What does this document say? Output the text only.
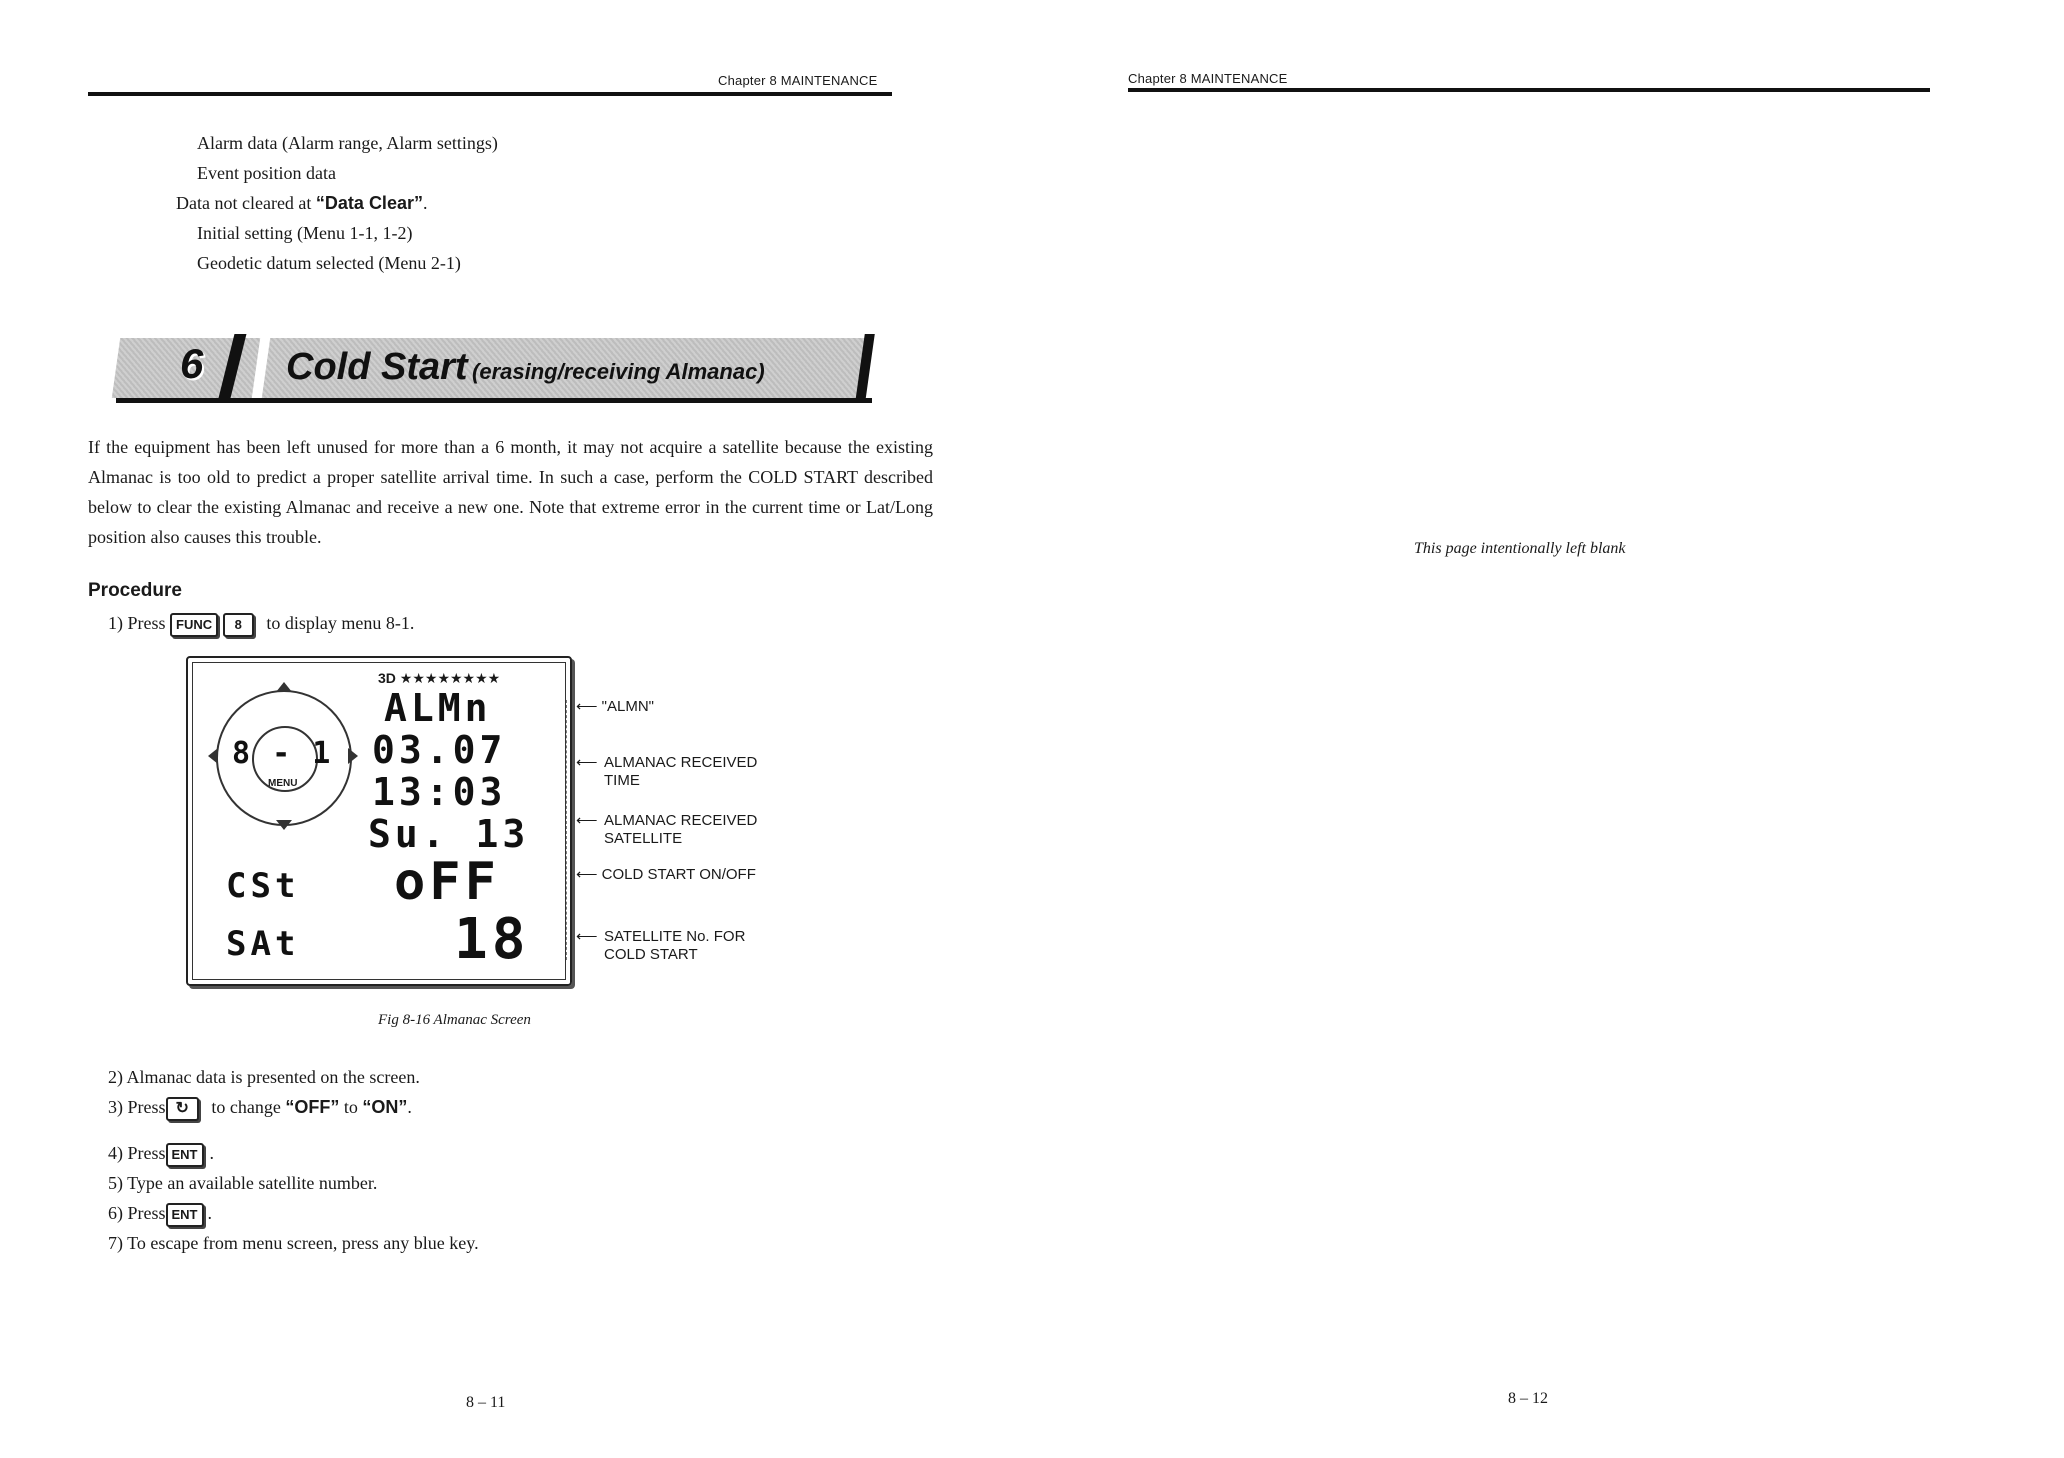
Chapter 8 MAINTENANCE
Alarm data (Alarm range, Alarm settings)
Event position data
Data not cleared at “Data Clear”.
Initial setting (Menu 1-1, 1-2)
Geodetic datum selected (Menu 2-1)
6 Cold Start (erasing/receiving Almanac)
If the equipment has been left unused for more than a 6 month, it may not acquire a satellite because the existing Almanac is too old to predict a proper satellite arrival time. In such a case, perform the COLD START described below to clear the existing Almanac and receive a new one. Note that extreme error in the current time or Lat/Long position also causes this trouble.
Procedure
1) Press FUNC 8 to display menu 8-1.
8 - 1
MENU
3D ★★★★★★★★
ALMn
03.07
13:03
Su. 13
CSt oFF
SAt	18
⟵ "ALMN"
⟵ ALMANAC RECEIVED TIME
⟵ ALMANAC RECEIVED SATELLITE
⟵ COLD START ON/OFF
⟵ SATELLITE No. FOR COLD START
Fig 8-16 Almanac Screen
2) Almanac data is presented on the screen.
3) Press ↻ to change “OFF” to “ON”.
4) Press ENT .
5) Type an available satellite number.
6) Press ENT .
7) To escape from menu screen, press any blue key.
8 – 11
Chapter 8 MAINTENANCE
This page intentionally left blank
8 – 12
